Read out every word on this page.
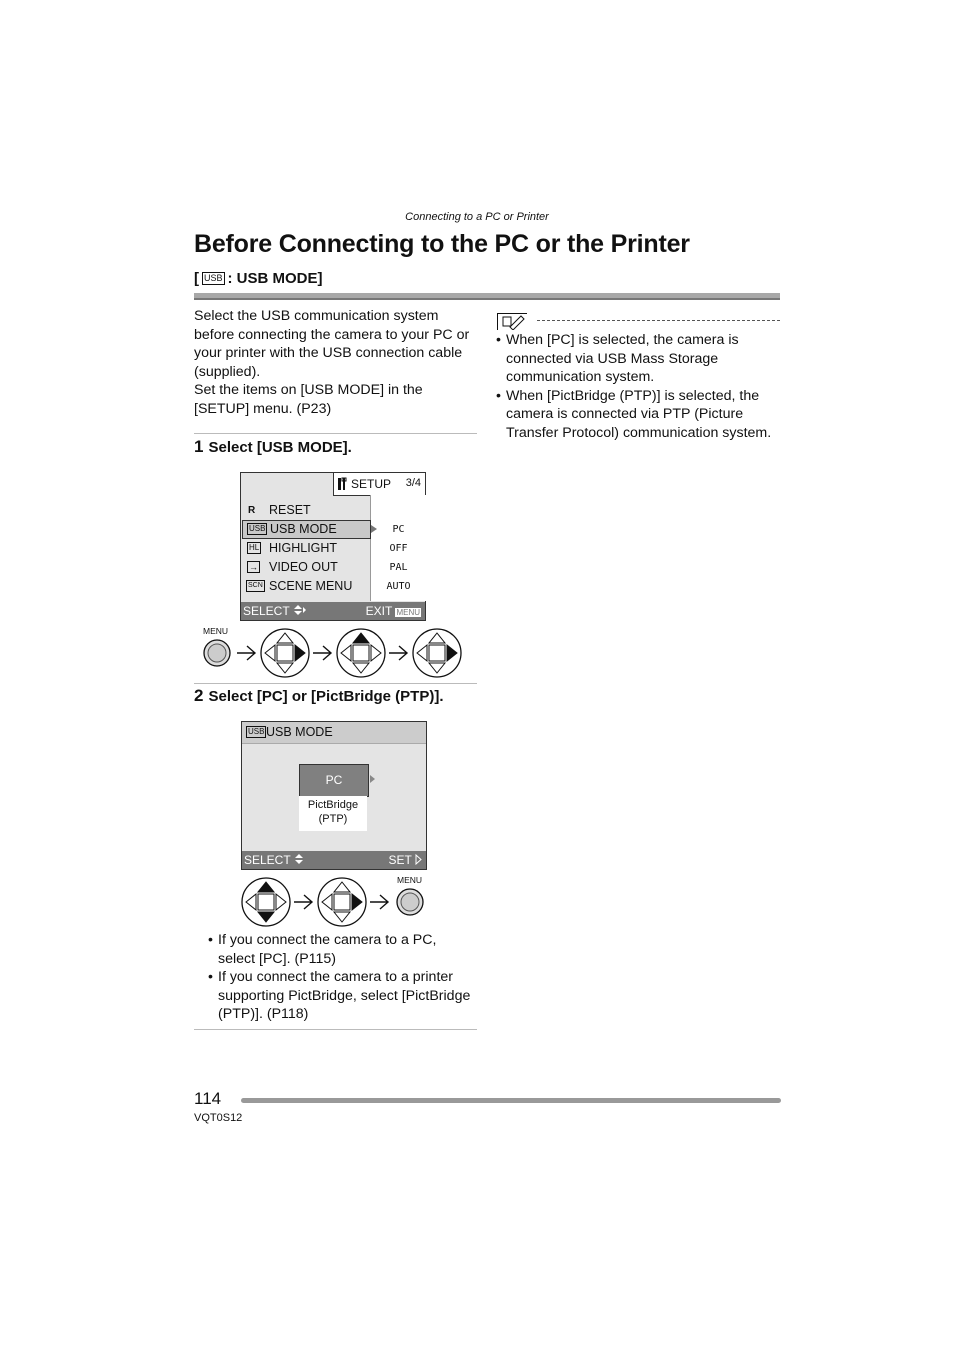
Connecting to a PC or Printer
Before Connecting to the PC or the Printer
[ USB : USB MODE]
Select the USB communication system before connecting the camera to your PC or your printer with the USB connection cable (supplied).
Set the items on [USB MODE] in the [SETUP] menu. (P23)
1 Select [USB MODE].
SETUP 3/4
PC
OFF
PAL
AUTO
R RESET
USB USB MODE
HL HIGHLIGHT
→ VIDEO OUT
SCN SCENE MENU
SELECT	EXIT MENU
MENU
2 Select [PC] or [PictBridge (PTP)].
USB USB MODE
PC
PictBridge
(PTP)
SELECT	SET
MENU
• If you connect the camera to a PC, select [PC]. (P115)
• If you connect the camera to a printer supporting PictBridge, select [PictBridge (PTP)]. (P118)
• When [PC] is selected, the camera is connected via USB Mass Storage communication system.
• When [PictBridge (PTP)] is selected, the camera is connected via PTP (Picture Transfer Protocol) communication system.
114
VQT0S12
